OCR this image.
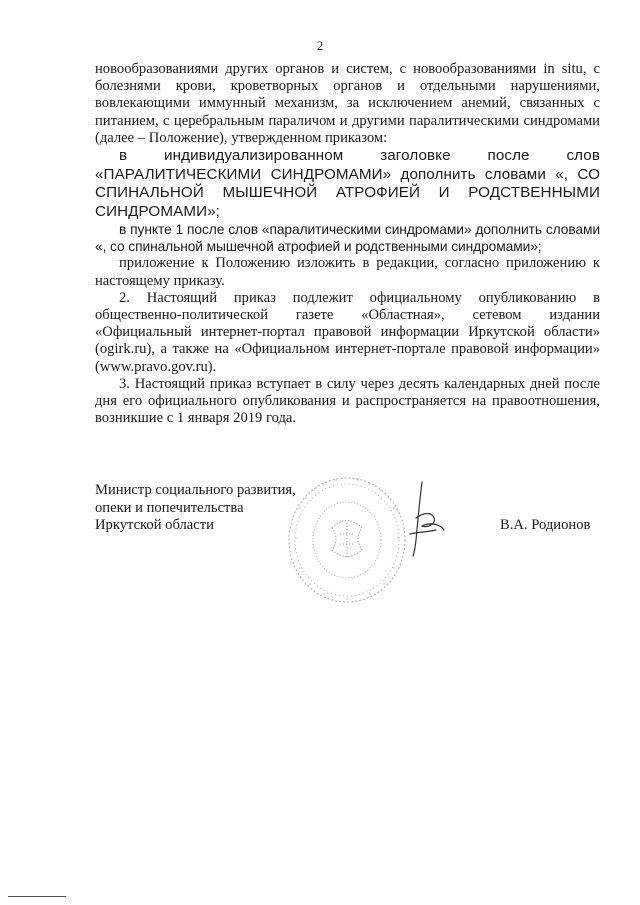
2

новообразованиями других органов и систем, с новообразованиями in situ, с болезнями крови, кроветворных органов и отдельными нарушениями, вовлекающими иммунный механизм, за исключением анемий, связанных с питанием, с церебральным параличом и другими паралитическими синдромами (далее – Положение), утвержденном приказом:

в индивидуализированном заголовке после слов «ПАРАЛИТИЧЕСКИМИ СИНДРОМАМИ» дополнить словами «, СО СПИНАЛЬНОЙ МЫШЕЧНОЙ АТРОФИЕЙ И РОДСТВЕННЫМИ СИНДРОМАМИ»;

в пункте 1 после слов «паралитическими синдромами» дополнить словами «, со спинальной мышечной атрофией и родственными синдромами»;

приложение к Положению изложить в редакции, согласно приложению к настоящему приказу.

2. Настоящий приказ подлежит официальному опубликованию в общественно-политической газете «Областная», сетевом издании «Официальный интернет-портал правовой информации Иркутской области» (ogirk.ru), а также на «Официальном интернет-портале правовой информации» (www.pravo.gov.ru).

3. Настоящий приказ вступает в силу через десять календарных дней после дня его официального опубликования и распространяется на правоотношения, возникшие с 1 января 2019 года.

Министр социального развития,
опеки и попечительства
Иркутской области	В.А. Родионов
